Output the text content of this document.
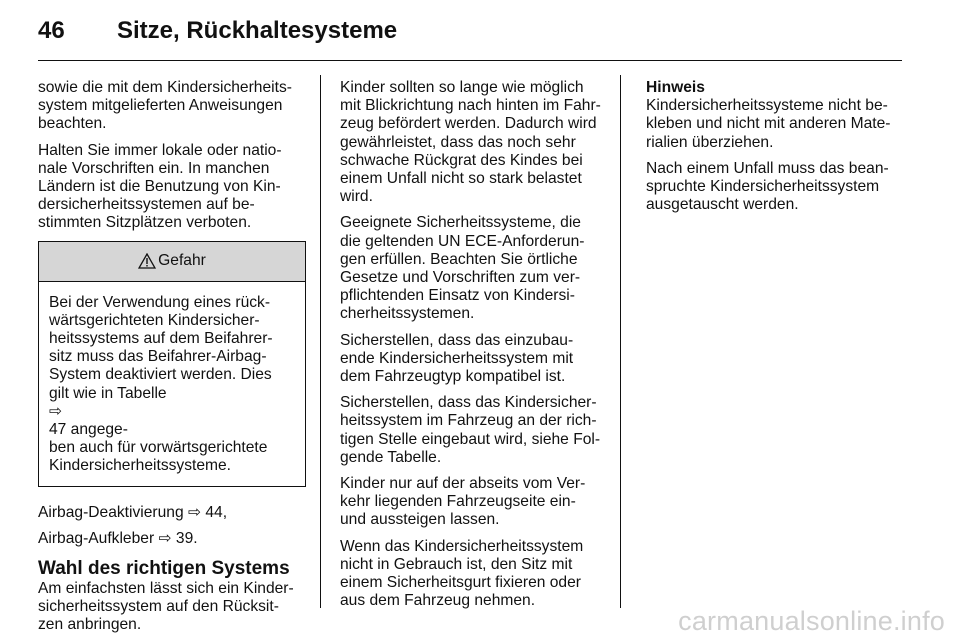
46 Sitze, Rückhaltesysteme

sowie die mit dem Kindersicherheits-
system mitgelieferten Anweisungen
beachten.

Halten Sie immer lokale oder natio-
nale Vorschriften ein. In manchen
Ländern ist die Benutzung von Kin-
dersicherheitssystemen auf be-
stimmten Sitzplätzen verboten.

Gefahr

Bei der Verwendung eines rück-
wärtsgerichteten Kindersicher-
heitssystems auf dem Beifahrer-
sitz muss das Beifahrer-Airbag-
System deaktiviert werden. Dies
gilt wie in Tabelle
⇨
47 angege-
ben auch für vorwärtsgerichtete
Kindersicherheitssysteme.

Airbag-Deaktivierung ⇨ 44,

Airbag-Aufkleber ⇨ 39.

Wahl des richtigen Systems

Am einfachsten lässt sich ein Kinder-
sicherheitssystem auf den Rücksit-
zen anbringen.

Kinder sollten so lange wie möglich
mit Blickrichtung nach hinten im Fahr-
zeug befördert werden. Dadurch wird
gewährleistet, dass das noch sehr
schwache Rückgrat des Kindes bei
einem Unfall nicht so stark belastet
wird.

Geeignete Sicherheitssysteme, die
die geltenden UN ECE-Anforderun-
gen erfüllen. Beachten Sie örtliche
Gesetze und Vorschriften zum ver-
pflichtenden Einsatz von Kindersi-
cherheitssystemen.

Sicherstellen, dass das einzubau-
ende Kindersicherheitssystem mit
dem Fahrzeugtyp kompatibel ist.

Sicherstellen, dass das Kindersicher-
heitssystem im Fahrzeug an der rich-
tigen Stelle eingebaut wird, siehe Fol-
gende Tabelle.

Kinder nur auf der abseits vom Ver-
kehr liegenden Fahrzeugseite ein-
und aussteigen lassen.

Wenn das Kindersicherheitssystem
nicht in Gebrauch ist, den Sitz mit
einem Sicherheitsgurt fixieren oder
aus dem Fahrzeug nehmen.

Hinweis

Kindersicherheitssysteme nicht be-
kleben und nicht mit anderen Mate-
rialien überziehen.

Nach einem Unfall muss das bean-
spruchte Kindersicherheitssystem
ausgetauscht werden.

carmanualsonline.info
